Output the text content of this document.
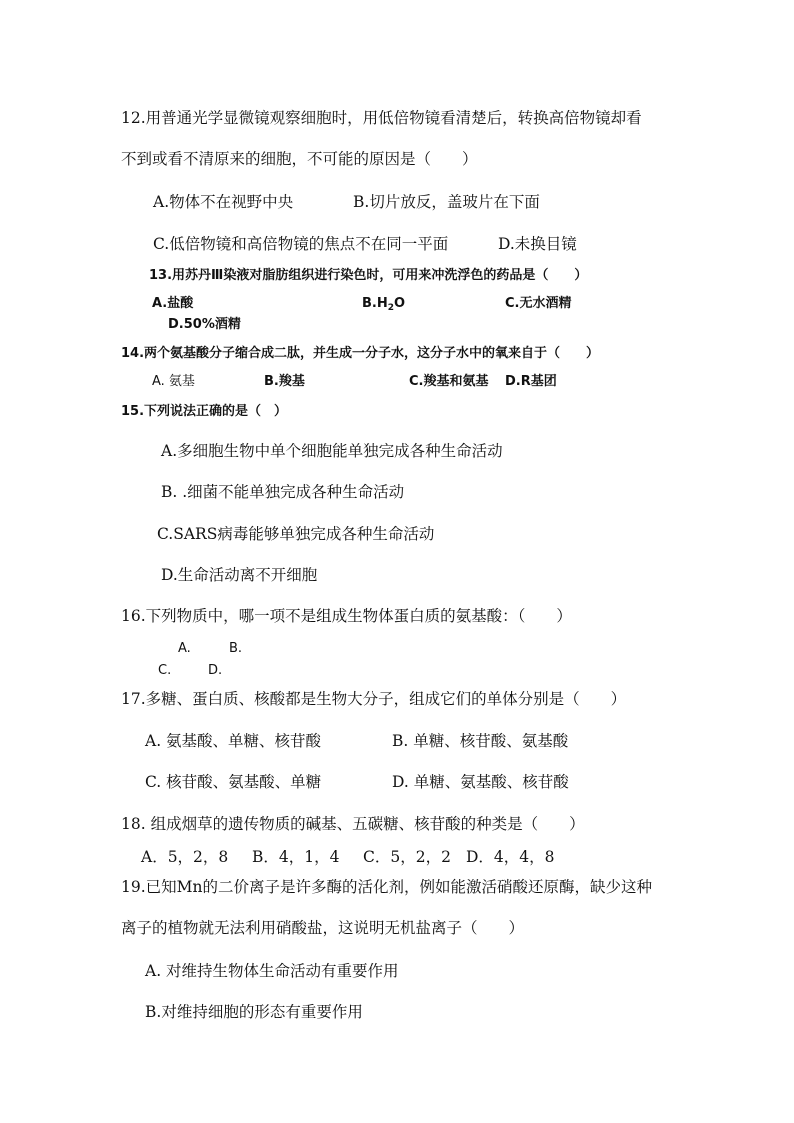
12.用普通光学显微镜观察细胞时，用低倍物镜看清楚后，转换高倍物镜却看
不到或看不清原来的细胞，不可能的原因是（　　）
A.物体不在视野中央	B.切片放反，盖玻片在下面
C.低倍物镜和高倍物镜的焦点不在同一平面	D.未换目镜
13.用苏丹Ⅲ染液对脂肪组织进行染色时，可用来冲洗浮色的药品是（　　）
A.盐酸	$B.H_2O$	C.无水酒精
D.50%酒精
14.两个氨基酸分子缩合成二肽，并生成一分子水，这分子水中的氧来自于（　　）
A. 氨基	B.羧基	C.羧基和氨基 D.R基团
15.下列说法正确的是（　）
A.多细胞生物中单个细胞能单独完成各种生命活动
B. .细菌不能单独完成各种生命活动
C.SARS病毒能够单独完成各种生命活动
D.生命活动离不开细胞
16.下列物质中，哪一项不是组成生物体蛋白质的氨基酸：（　　）
A.	B.
C.	D.
17.多糖、蛋白质、核酸都是生物大分子，组成它们的单体分别是（　　）
A. 氨基酸、单糖、核苷酸	B. 单糖、核苷酸、氨基酸
C. 核苷酸、氨基酸、单糖	D. 单糖、氨基酸、核苷酸
18. 组成烟草的遗传物质的碱基、五碳糖、核苷酸的种类是（　　）
A．5，2，8 B．4，1，4 C．5，2，2 D．4，4，8
19.已知Mn的二价离子是许多酶的活化剂，例如能激活硝酸还原酶，缺少这种
离子的植物就无法利用硝酸盐，这说明无机盐离子（　　）
A. 对维持生物体生命活动有重要作用
B.对维持细胞的形态有重要作用
